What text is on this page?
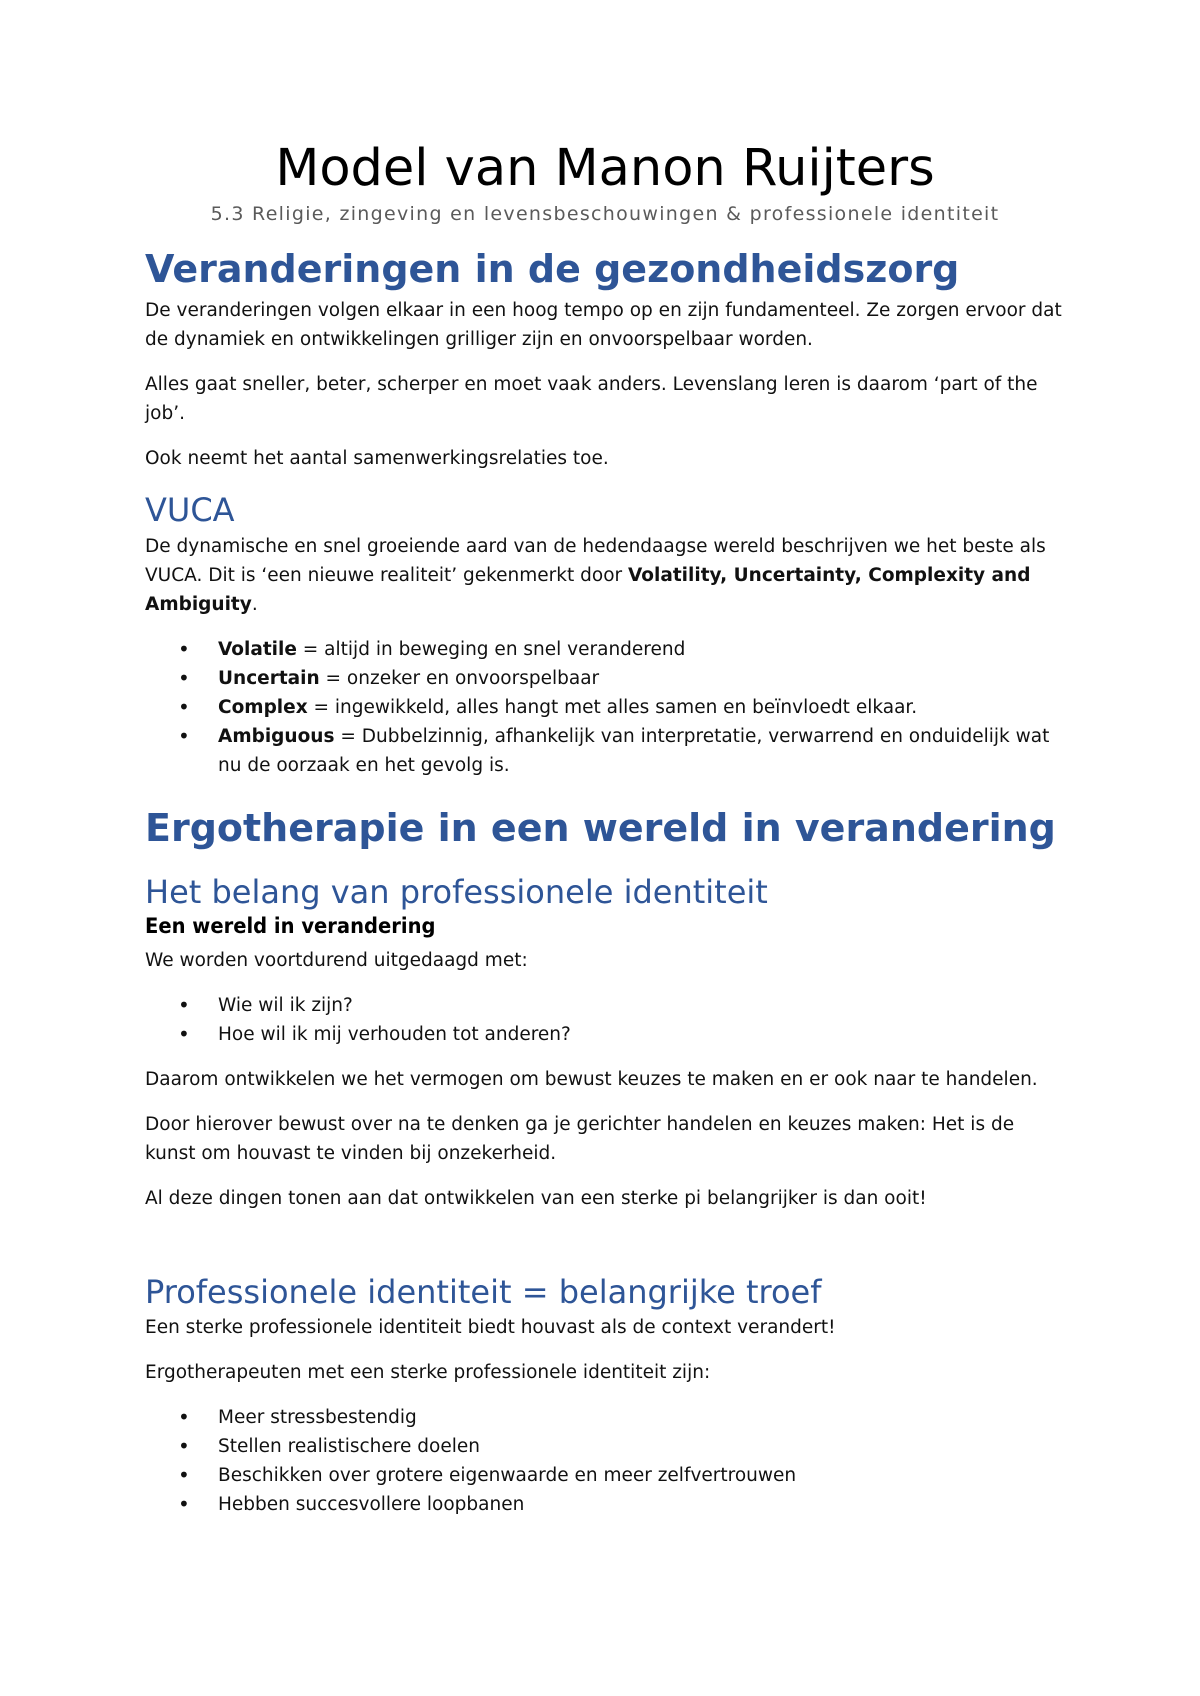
Model van Manon Ruijters
5.3 Religie, zingeving en levensbeschouwingen & professionele identiteit
Veranderingen in de gezondheidszorg

De veranderingen volgen elkaar in een hoog tempo op en zijn fundamenteel. Ze zorgen ervoor dat de dynamiek en ontwikkelingen grilliger zijn en onvoorspelbaar worden.

Alles gaat sneller, beter, scherper en moet vaak anders. Levenslang leren is daarom ‘part of the job’.

Ook neemt het aantal samenwerkingsrelaties toe.

VUCA

De dynamische en snel groeiende aard van de hedendaagse wereld beschrijven we het beste als VUCA. Dit is ‘een nieuwe realiteit’ gekenmerkt door Volatility, Uncertainty, Complexity and Ambiguity.

• Volatile = altijd in beweging en snel veranderend
• Uncertain = onzeker en onvoorspelbaar
• Complex = ingewikkeld, alles hangt met alles samen en beïnvloedt elkaar.
• Ambiguous = Dubbelzinnig, afhankelijk van interpretatie, verwarrend en onduidelijk wat nu de oorzaak en het gevolg is.
Ergotherapie in een wereld in verandering
Het belang van professionele identiteit
Een wereld in verandering

We worden voortdurend uitgedaagd met:

• Wie wil ik zijn?
• Hoe wil ik mij verhouden tot anderen?

Daarom ontwikkelen we het vermogen om bewust keuzes te maken en er ook naar te handelen.

Door hierover bewust over na te denken ga je gerichter handelen en keuzes maken: Het is de kunst om houvast te vinden bij onzekerheid.

Al deze dingen tonen aan dat ontwikkelen van een sterke pi belangrijker is dan ooit!

Professionele identiteit = belangrijke troef

Een sterke professionele identiteit biedt houvast als de context verandert!

Ergotherapeuten met een sterke professionele identiteit zijn:

• Meer stressbestendig
• Stellen realistischere doelen
• Beschikken over grotere eigenwaarde en meer zelfvertrouwen
• Hebben succesvollere loopbanen
